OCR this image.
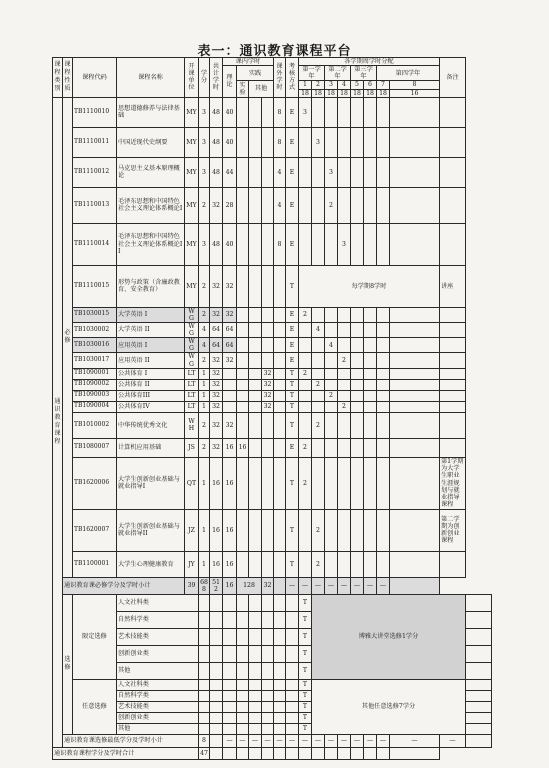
表一：通识教育课程平台
课程类别	课程性质	课程代码	课程名称	开课单位	学分	共计学时	课内学时				课外学时	考核方式	各学期周学时分配								备注	
							理论	实践					第一学年		第二学年		第三学年		第四学年			
								实验	其他				1	2	3	4	5	6	7	8		
													18	18	18	18	18	18	18	16		
通识教育课程	必修	TB1110010	思想道德修养与法律基础	MY	3	48	40				8	E	3									
		TB1110011	中国近现代史纲要	MY	3	48	40				8	E		3								
		TB1110012	马克思主义基本原理概论	MY	3	48	44				4	E			3							
		TB1110013	毛泽东思想和中国特色社会主义理论体系概论I	MY	2	32	28				4	E			2							
		TB1110014	毛泽东思想和中国特色社会主义理论体系概论II	MY	3	48	40				8	E				3						
		TB1110015	形势与政策（含廉政教育、安全教育）	MY	2	32	32					T	每学期8学时								讲座	
		TB1030015	大学英语 I	WG	2	32	32					E	2									
		TB1030002	大学英语 II	WG	4	64	64					E		4								
		TB1030016	应用英语 I	WG	4	64	64					E			4							
		TB1030017	应用英语 II	WG	2	32	32					E				2						
		TB1090001	公共体育 I	LT	1	32				32		T	2									
		TB1090002	公共体育 II	LT	1	32				32		T		2								
		TB1090003	公共体育III	LT	1	32				32		T			2							
		TB1090004	公共体育IV	LT	1	32				32		T				2						
		TB1010002	中华传统优秀文化	WH	2	32	32					T		2								
		TB1080007	计算机应用基础	JS	2	32	16	16				E	2									
		TB1620006	大学生创新创业基础与就业指导I	QT	1	16	16					T	2								第1学期为大学生职业生涯规划与就业指导课程	
		TB1620007	大学生创新创业基础与就业指导II	JZ	1	16	16					T		2							第二学期为创新创业课程	
		TB1100001	大学生心理健康教育	JY	1	16	16					T		2								
	通识教育课必修学分及学时小计			39	688	512	16	128		32		—	—	—	—	—	—	—	—			
	选修	限定选修	人文社科类										T	博雅大讲堂选修1学分								
			自然科学类										T									
			艺术技能类										T									
			创新创业类										T									
			其他										T									
		任意选修	人文社科类										T	其他任意选修7学分								
			自然科学类										T									
			艺术技能类										T									
			创新创业类										T									
			其他										T									
	通识教育课选修最低学分及学时小计				8		—	—	—	—	—	—	—	—	—	—	—	—	—	—	—	
通识教育课程学分及学时合计					47																	
